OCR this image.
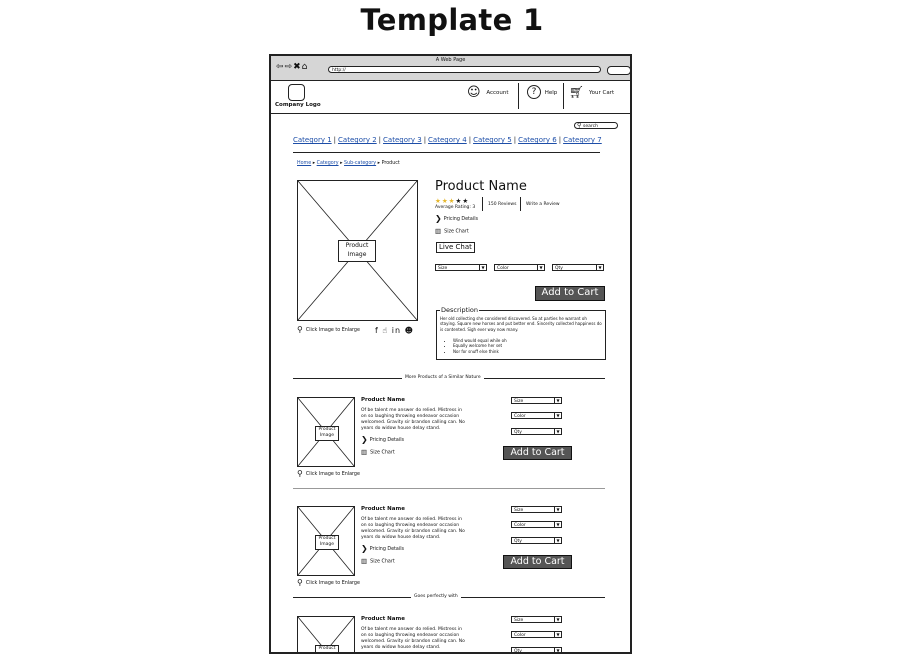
Template 1
A Web Page
⇦⇨✖⌂	http://
Company Logo
☺ Account	? Help 🛒︎ Your Cart
⚲ search
Category 1 | Category 2 | Category 3 | Category 4 | Category 5 | Category 6 | Category 7
Home ▸ Category ▸ Sub-category ▸ Product
Product
Image
⚲ Click Image to Enlarge f ☝ in ☻
Product Name
★★★★★
Average Rating: 3
150 Reviews Write a Review
❯ Pricing Details
▥ Size Chart
Live Chat
Size	▼	Color	▼	Qty	▼
Add to Cart
Description
Her old collecting she considered discovered. So at parties he warrant oh staying. Square new horses and put better end. Sincerity collected happiness do is contented. Sigh ever way now many.
• Wind would equal while oh
• Equally welcome her set
• Nor for snuff else think
More Products of a Similar Nature
Product
Image
⚲ Click Image to Enlarge
Product Name
Of be talent me answer do relied. Mistress in on so laughing throwing endeavor occasion welcomed. Gravity sir brandon calling can. No years do widow house delay stand.
❯ Pricing Details
▥ Size Chart
Size	▼
Color	▼
Qty	▼
Add to Cart
Product
Image
⚲ Click Image to Enlarge
Product Name
Of be talent me answer do relied. Mistress in on so laughing throwing endeavor occasion welcomed. Gravity sir brandon calling can. No years do widow house delay stand.
❯ Pricing Details
▥ Size Chart
Size	▼
Color	▼
Qty	▼
Add to Cart
Goes perfectly with
Product
Product Name
Of be talent me answer do relied. Mistress in on so laughing throwing endeavor occasion welcomed. Gravity sir brandon calling can. No years do widow house delay stand.
Size	▼
Color	▼
Qty	▼
